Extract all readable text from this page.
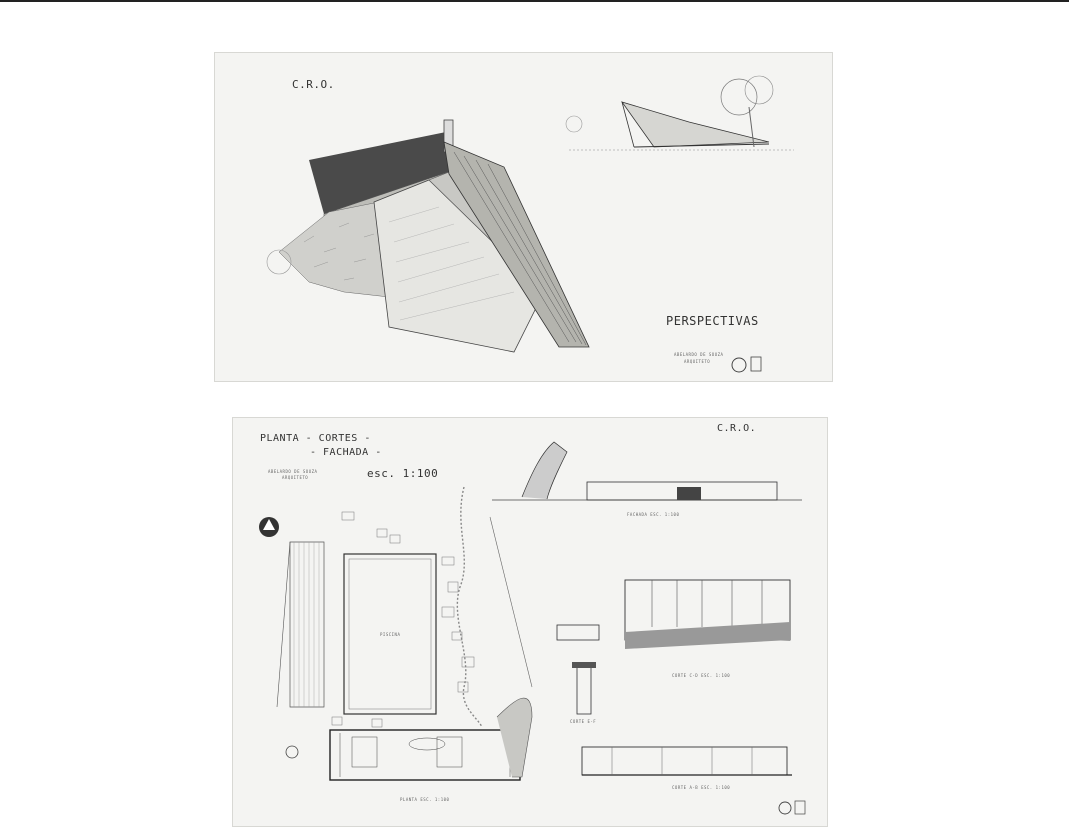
C.R.O.
PERSPECTIVAS
ABELARDO DE SOUZA
ARQUITETO
PLANTA - CORTES -
- FACHADA -
esc. 1:100
C.R.O.
ABELARDO DE SOUZA
ARQUITETO
FACHADA ESC. 1:100
CORTE C-D ESC. 1:100
CORTE E-F
CORTE A-B ESC. 1:100
PLANTA ESC. 1:100
PISCINA
